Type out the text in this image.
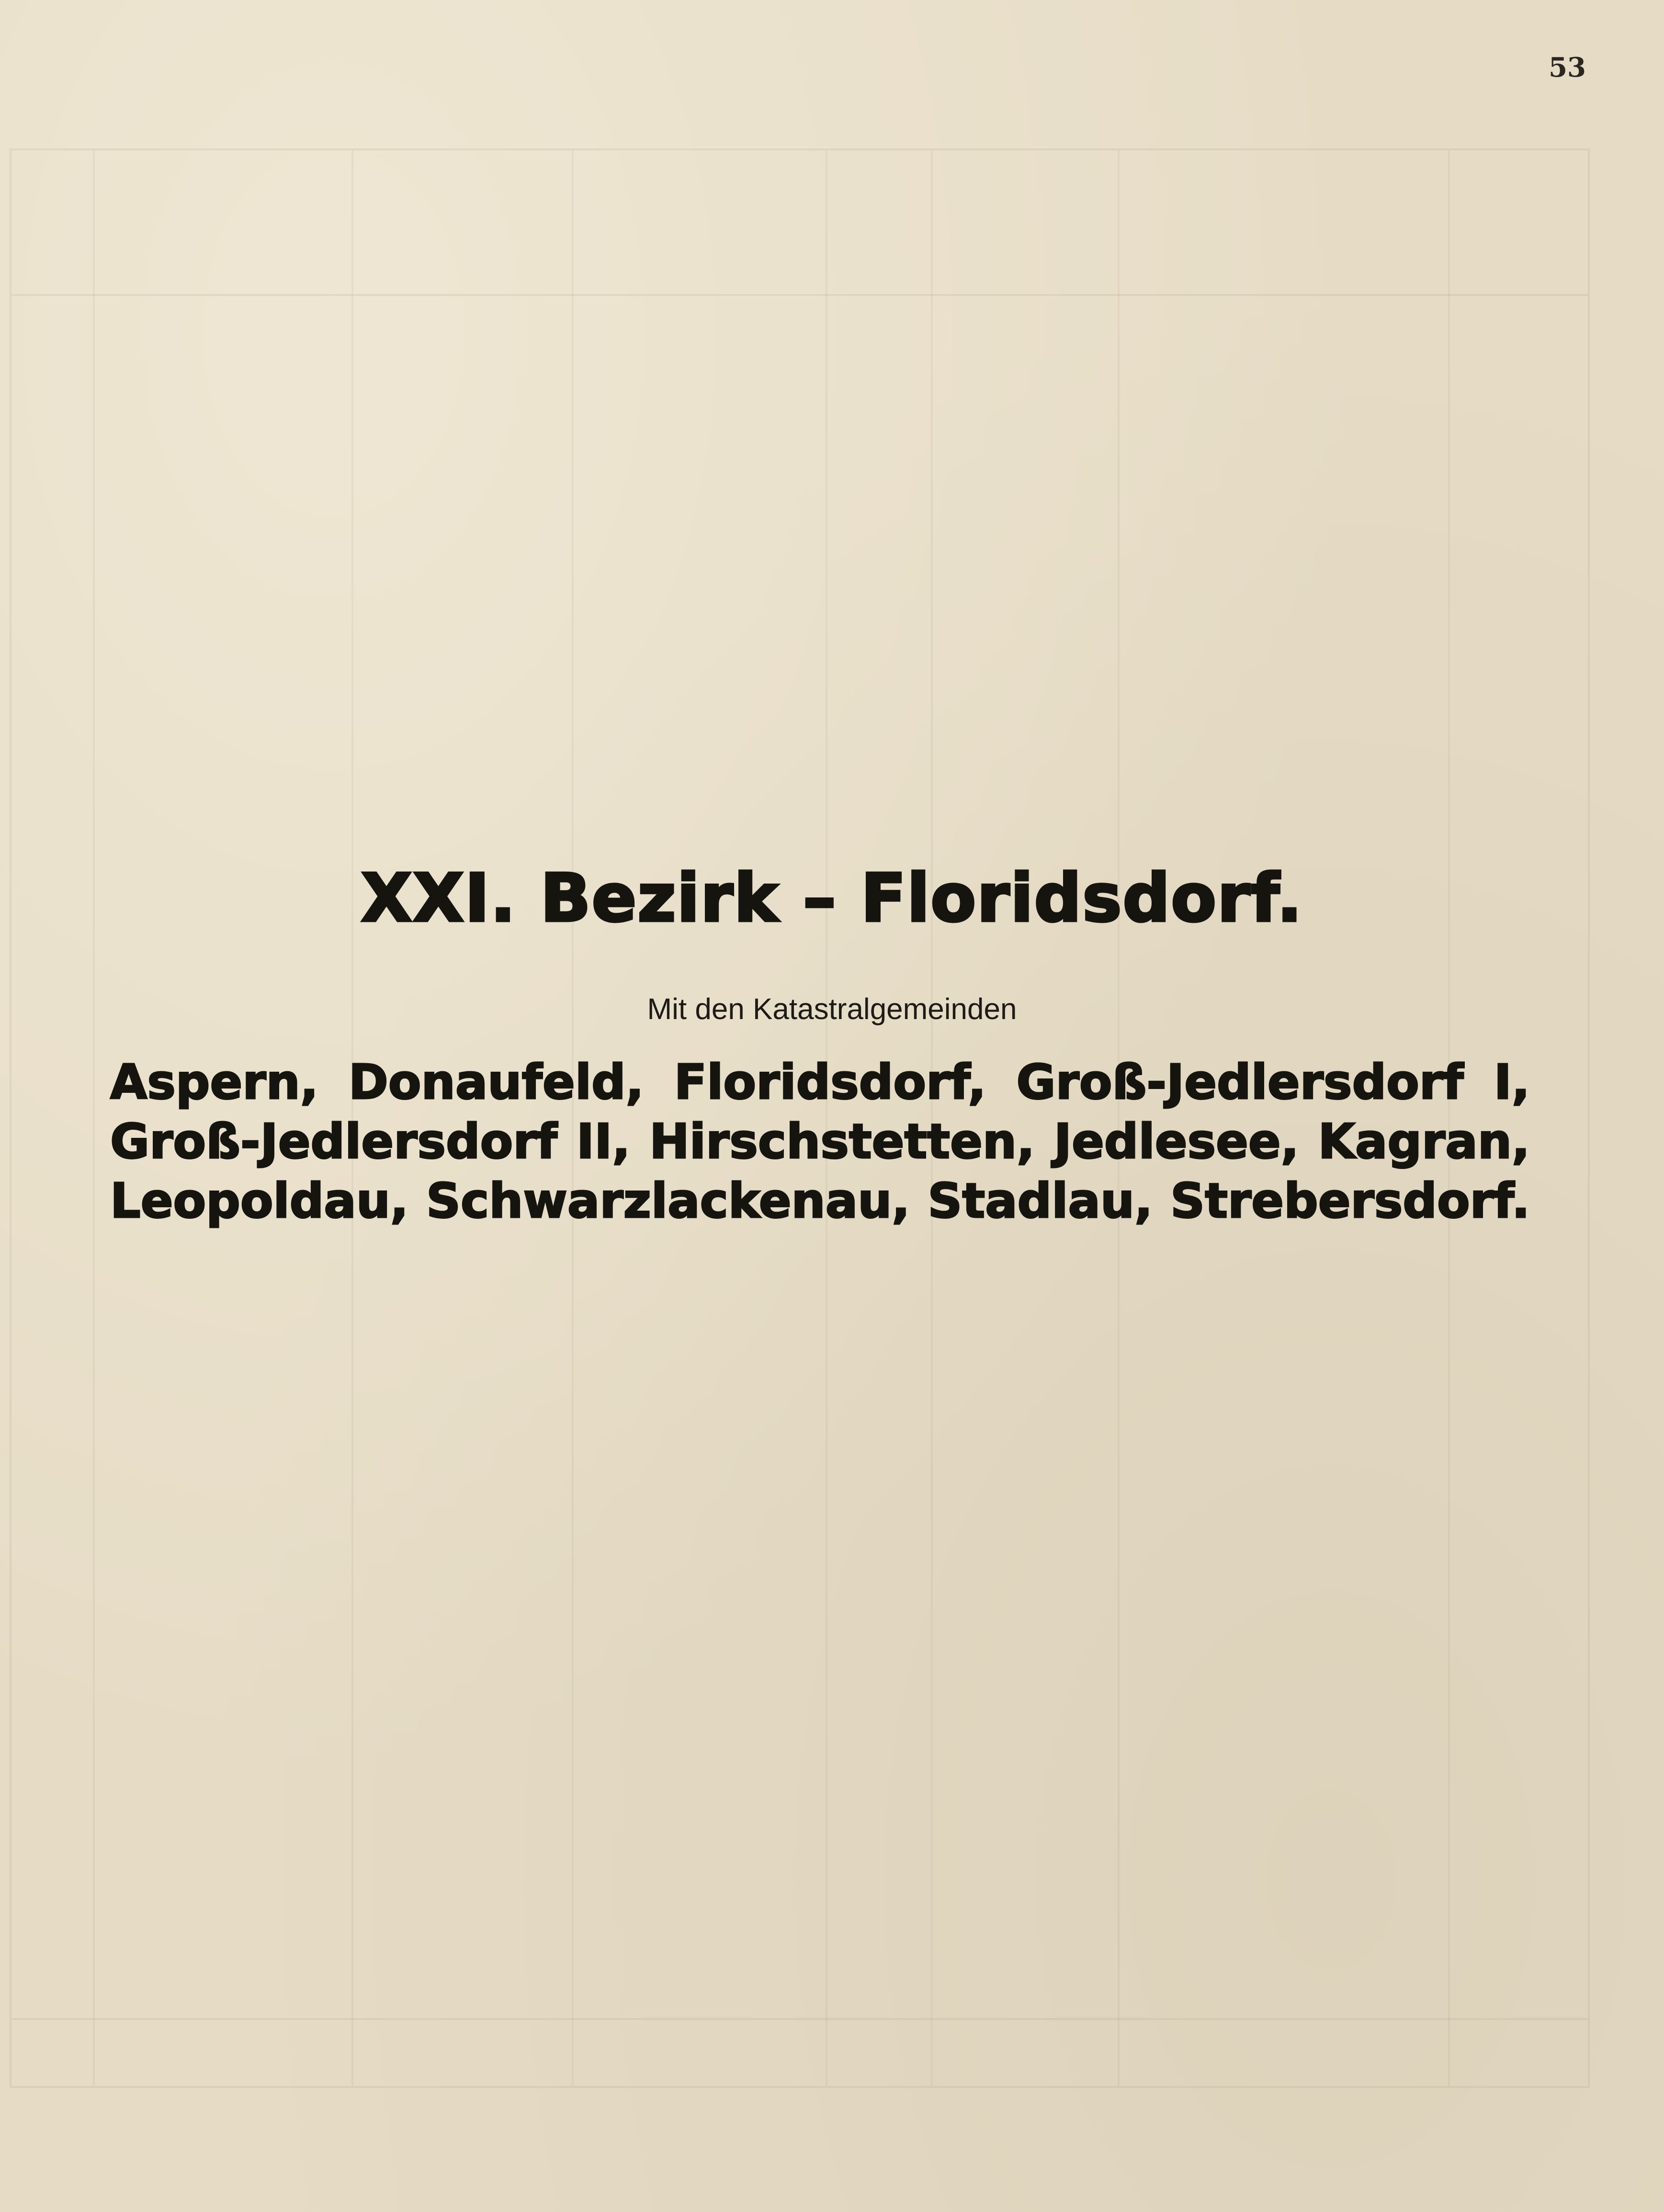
53
XXI. Bezirk – Floridsdorf.
Mit den Katastralgemeinden
Aspern, Donaufeld, Floridsdorf, Groß-Jedlersdorf I,
Groß-Jedlersdorf II, Hirschstetten, Jedlesee, Kagran,
Leopoldau, Schwarzlackenau, Stadlau, Strebersdorf.
